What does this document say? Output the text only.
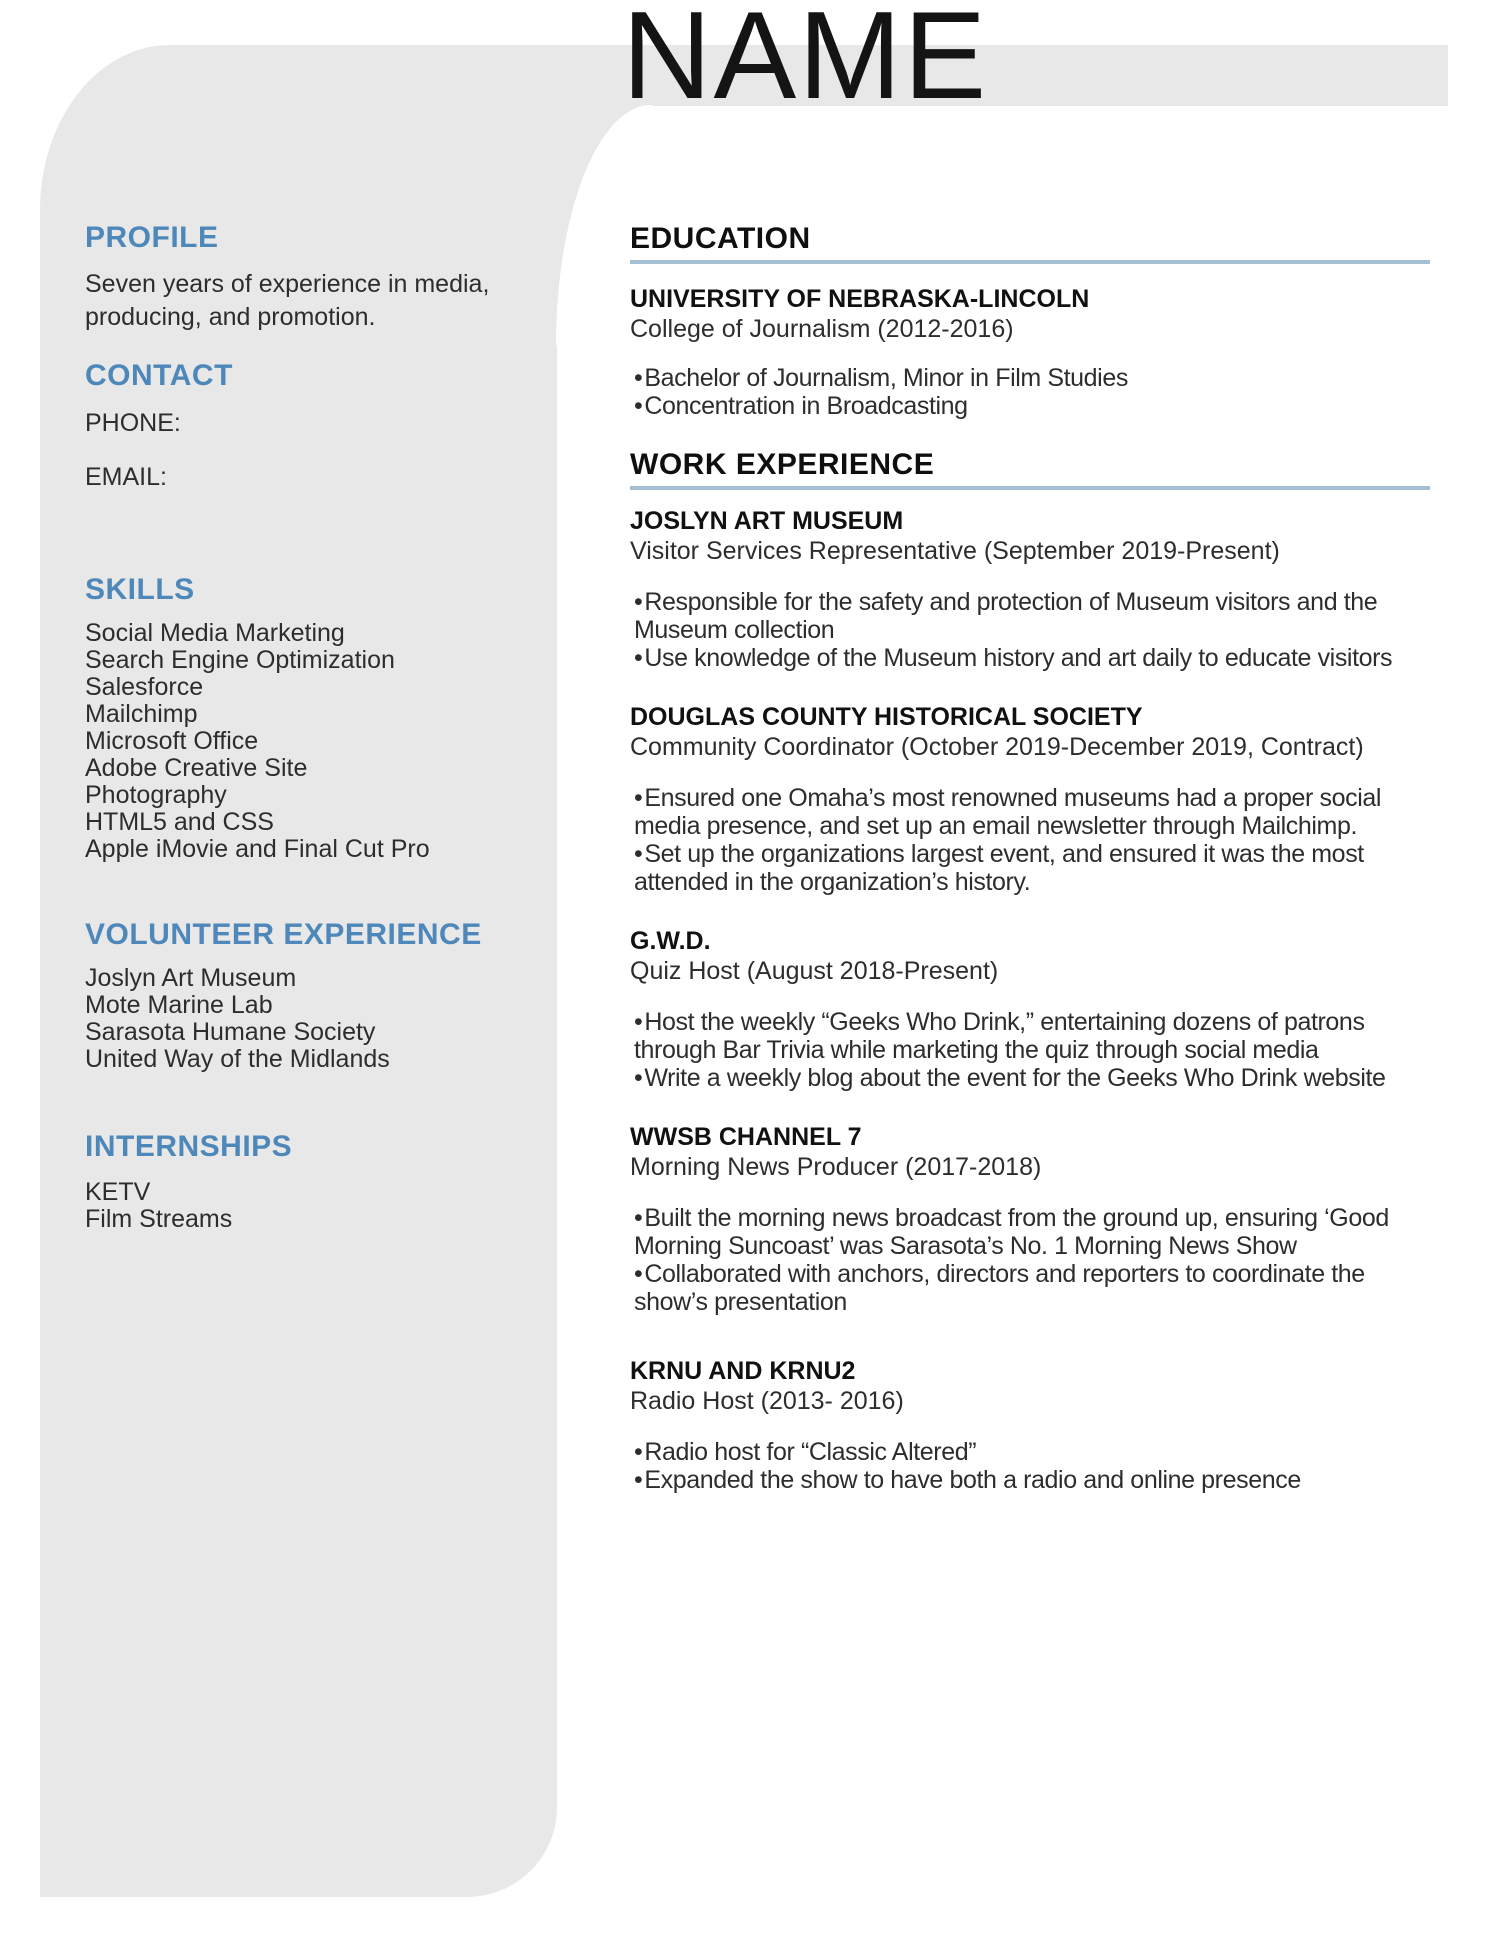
NAME
PROFILE

Seven years of experience in media, producing, and promotion.

CONTACT
PHONE:
EMAIL:
SKILLS
Social Media Marketing
Search Engine Optimization
Salesforce
Mailchimp
Microsoft Office
Adobe Creative Site
Photography
HTML5 and CSS
Apple iMovie and Final Cut Pro
VOLUNTEER EXPERIENCE
Joslyn Art Museum
Mote Marine Lab
Sarasota Humane Society
United Way of the Midlands
INTERNSHIPS
KETV
Film Streams
EDUCATION
UNIVERSITY OF NEBRASKA-LINCOLN
College of Journalism (2012-2016)
•Bachelor of Journalism, Minor in Film Studies
•Concentration in Broadcasting
WORK EXPERIENCE
JOSLYN ART MUSEUM
Visitor Services Representative (September 2019-Present)
•Responsible for the safety and protection of Museum visitors and the Museum collection
•Use knowledge of the Museum history and art daily to educate visitors
DOUGLAS COUNTY HISTORICAL SOCIETY
Community Coordinator (October 2019-December 2019, Contract)
•Ensured one Omaha’s most renowned museums had a proper social media presence, and set up an email newsletter through Mailchimp.
•Set up the organizations largest event, and ensured it was the most attended in the organization’s history.
G.W.D.
Quiz Host (August 2018-Present)
•Host the weekly “Geeks Who Drink,” entertaining dozens of patrons through Bar Trivia while marketing the quiz through social media
•Write a weekly blog about the event for the Geeks Who Drink website
WWSB CHANNEL 7
Morning News Producer (2017-2018)
•Built the morning news broadcast from the ground up, ensuring ‘Good Morning Suncoast’ was Sarasota’s No. 1 Morning News Show
•Collaborated with anchors, directors and reporters to coordinate the show’s presentation
KRNU AND KRNU2
Radio Host (2013- 2016)
•Radio host for “Classic Altered”
•Expanded the show to have both a radio and online presence
